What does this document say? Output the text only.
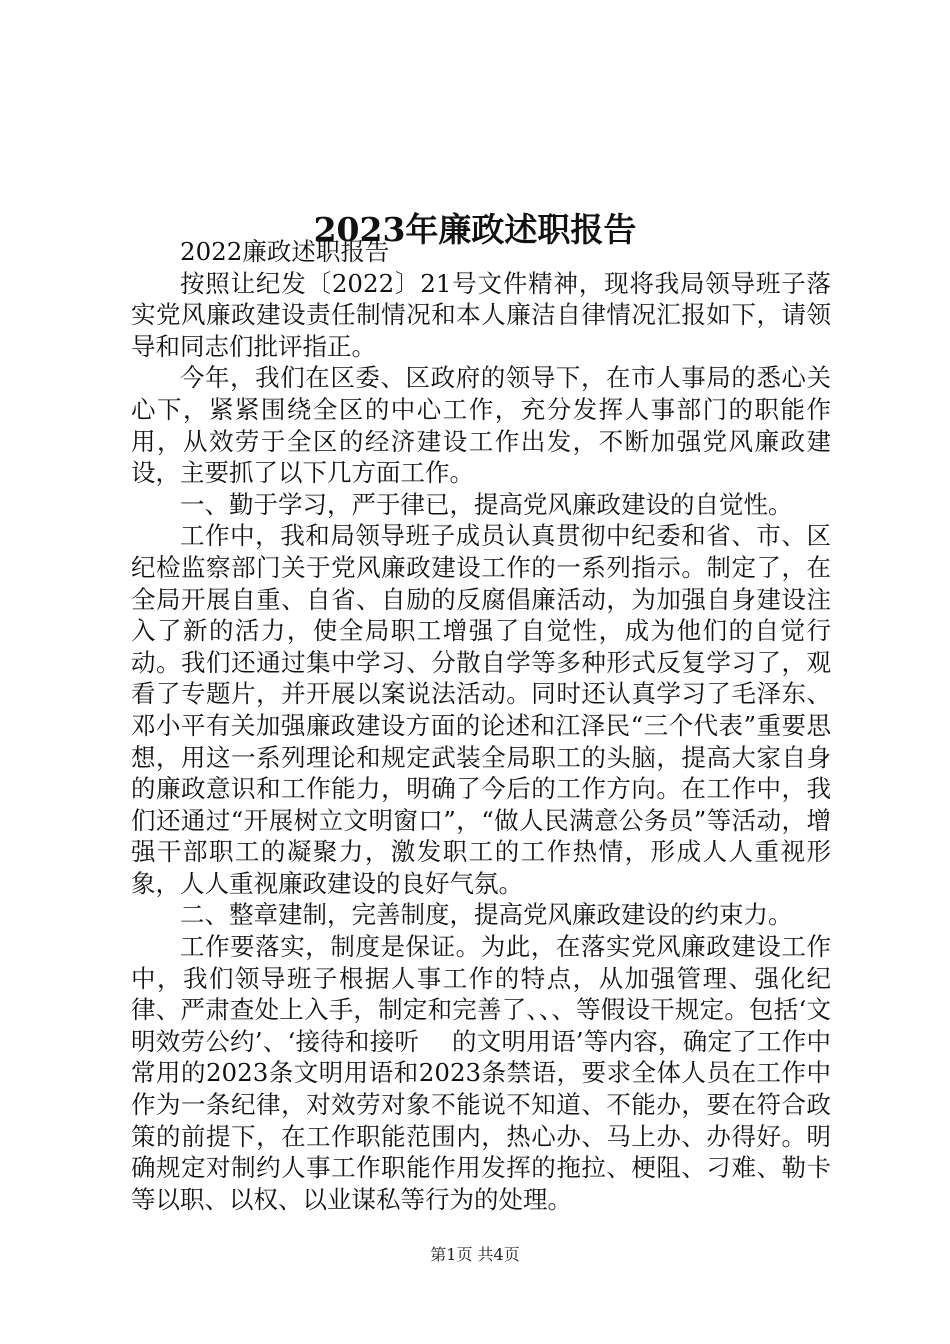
2023年廉政述职报告

2022廉政述职报告

按照让纪发〔2022〕21号文件精神，现将我局领导班子落实党风廉政建设责任制情况和本人廉洁自律情况汇报如下，请领导和同志们批评指正。

今年，我们在区委、区政府的领导下，在市人事局的悉心关心下，紧紧围绕全区的中心工作，充分发挥人事部门的职能作用，从效劳于全区的经济建设工作出发，不断加强党风廉政建设，主要抓了以下几方面工作。

一、勤于学习，严于律已，提高党风廉政建设的自觉性。

工作中，我和局领导班子成员认真贯彻中纪委和省、市、区纪检监察部门关于党风廉政建设工作的一系列指示。制定了，在全局开展自重、自省、自励的反腐倡廉活动，为加强自身建设注入了新的活力，使全局职工增强了自觉性，成为他们的自觉行动。我们还通过集中学习、分散自学等多种形式反复学习了，观看了专题片，并开展以案说法活动。同时还认真学习了毛泽东、邓小平有关加强廉政建设方面的论述和江泽民“三个代表”重要思想，用这一系列理论和规定武装全局职工的头脑，提高大家自身的廉政意识和工作能力，明确了今后的工作方向。在工作中，我们还通过“开展树立文明窗口”，“做人民满意公务员”等活动，增强干部职工的凝聚力，激发职工的工作热情，形成人人重视形象，人人重视廉政建设的良好气氛。

二、整章建制，完善制度，提高党风廉政建设的约束力。

工作要落实，制度是保证。为此，在落实党风廉政建设工作中，我们领导班子根据人事工作的特点，从加强管理、强化纪律、严肃查处上入手，制定和完善了、、、等假设干规定。包括‘文明效劳公约’、‘接待和接听　 的文明用语’等内容，确定了工作中常用的2023条文明用语和2023条禁语，要求全体人员在工作中作为一条纪律，对效劳对象不能说不知道、不能办，要在符合政策的前提下，在工作职能范围内，热心办、马上办、办得好。明确规定对制约人事工作职能作用发挥的拖拉、梗阻、刁难、勒卡等以职、以权、以业谋私等行为的处理。

第1页 共4页
